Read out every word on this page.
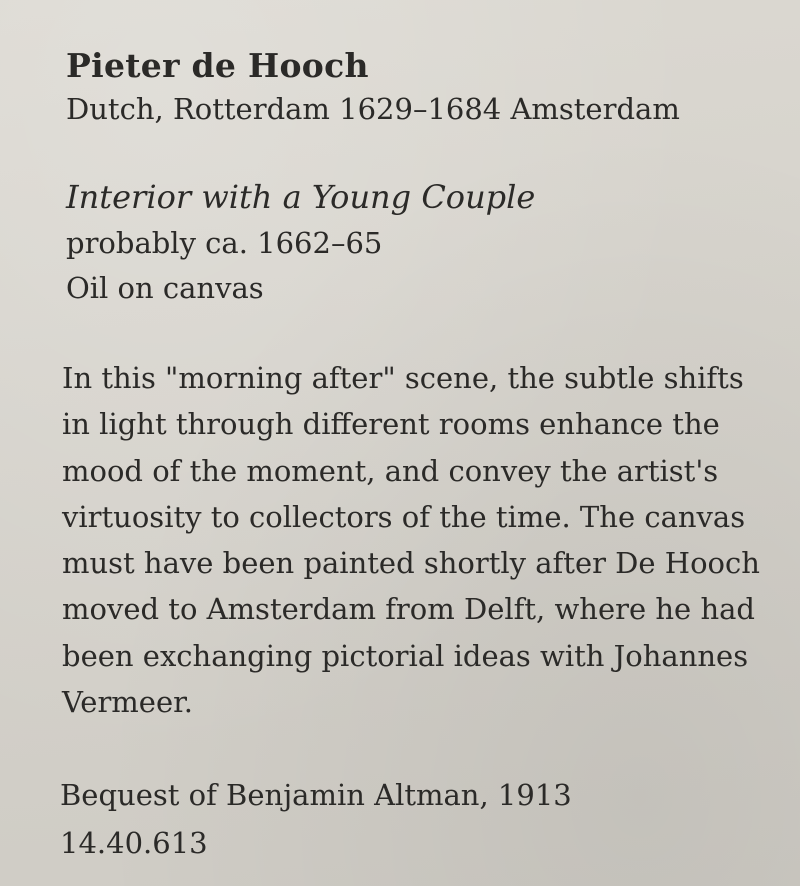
Pieter de Hooch

Dutch, Rotterdam 1629–1684 Amsterdam

Interior with a Young Couple

probably ca. 1662–65

Oil on canvas

In this "morning after" scene, the subtle shifts
in light through different rooms enhance the
mood of the moment, and convey the artist's
virtuosity to collectors of the time. The canvas
must have been painted shortly after De Hooch
moved to Amsterdam from Delft, where he had
been exchanging pictorial ideas with Johannes
Vermeer.

Bequest of Benjamin Altman, 1913

14.40.613
